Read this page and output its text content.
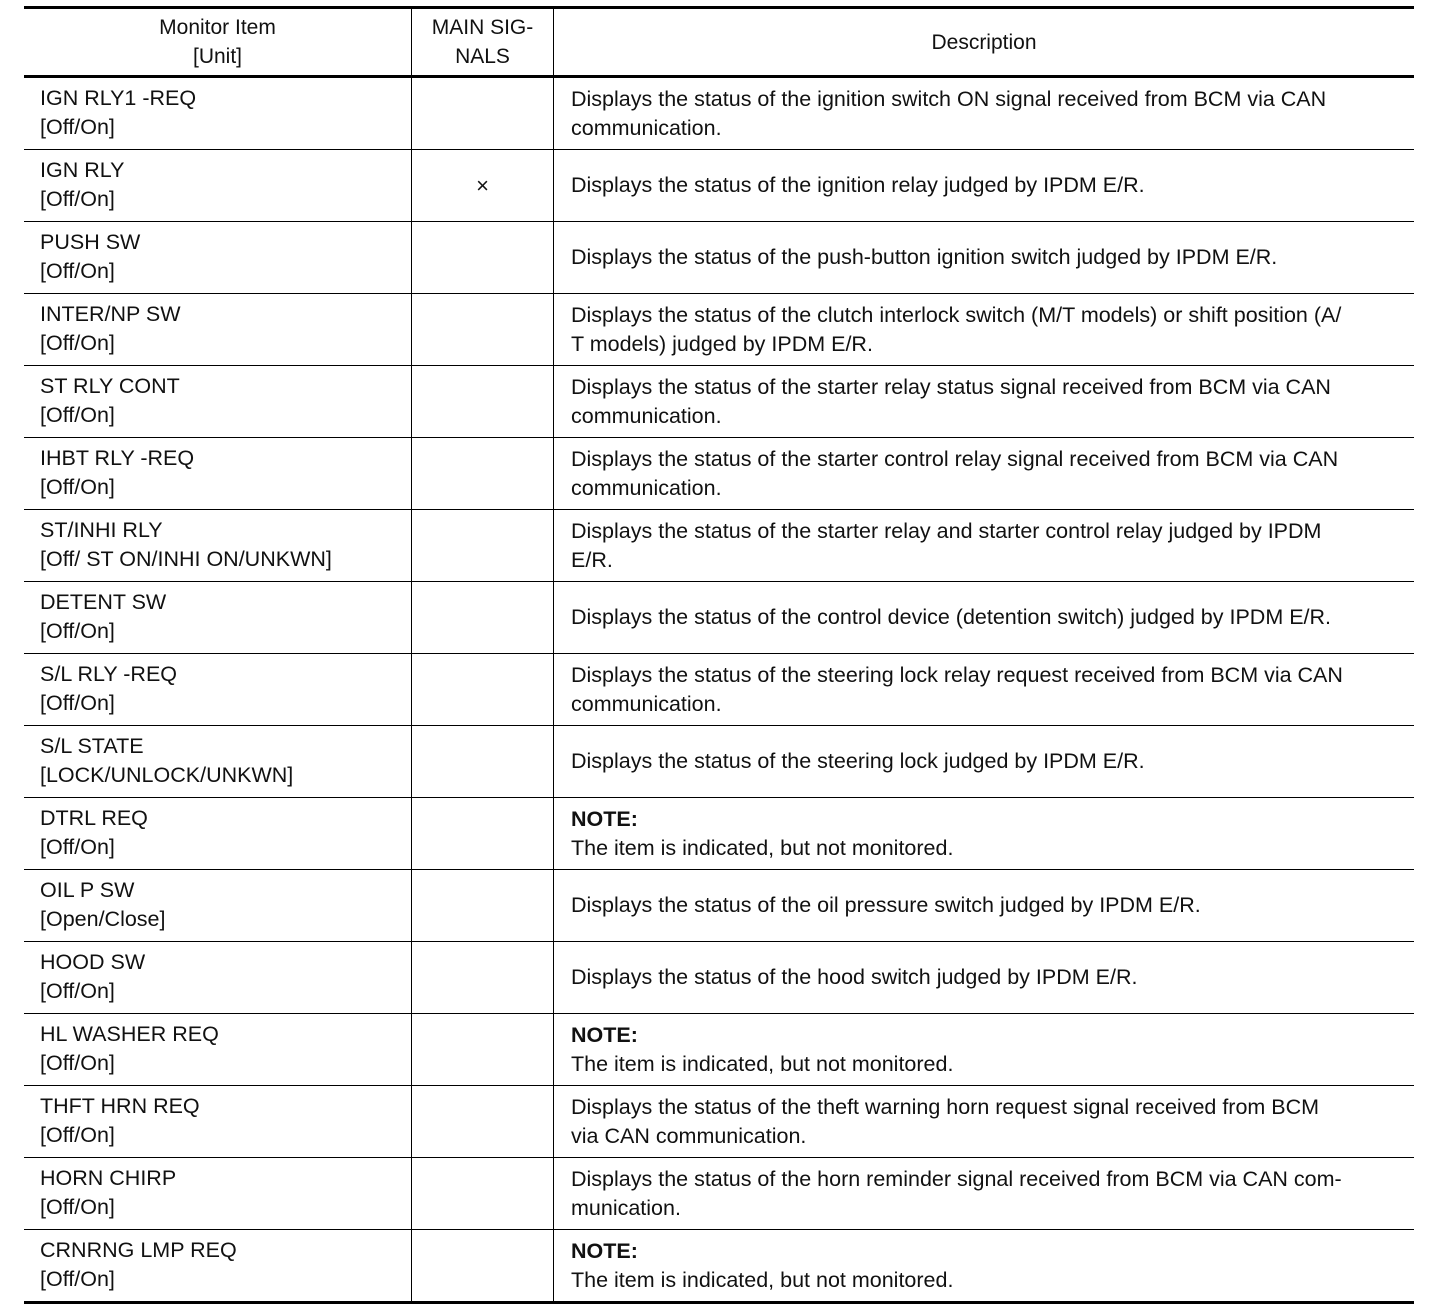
Monitor Item
[Unit]
MAIN SIG-
NALS
Description
IGN RLY1 -REQ
[Off/On]
Displays the status of the ignition switch ON signal received from BCM via CAN
communication.
IGN RLY
[Off/On]
×	Displays the status of the ignition relay judged by IPDM E/R.
PUSH SW
[Off/On]
Displays the status of the push-button ignition switch judged by IPDM E/R.
INTER/NP SW
[Off/On]
Displays the status of the clutch interlock switch (M/T models) or shift position (A/
T models) judged by IPDM E/R.
ST RLY CONT
[Off/On]
Displays the status of the starter relay status signal received from BCM via CAN
communication.
IHBT RLY -REQ
[Off/On]
Displays the status of the starter control relay signal received from BCM via CAN
communication.
ST/INHI RLY
[Off/ ST ON/INHI ON/UNKWN]
Displays the status of the starter relay and starter control relay judged by IPDM
E/R.
DETENT SW
[Off/On]
Displays the status of the control device (detention switch) judged by IPDM E/R.
S/L RLY -REQ
[Off/On]
Displays the status of the steering lock relay request received from BCM via CAN
communication.
S/L STATE
[LOCK/UNLOCK/UNKWN]
Displays the status of the steering lock judged by IPDM E/R.
DTRL REQ
[Off/On]
NOTE:
The item is indicated, but not monitored.
OIL P SW
[Open/Close]
Displays the status of the oil pressure switch judged by IPDM E/R.
HOOD SW
[Off/On]
Displays the status of the hood switch judged by IPDM E/R.
HL WASHER REQ
[Off/On]
NOTE:
The item is indicated, but not monitored.
THFT HRN REQ
[Off/On]
Displays the status of the theft warning horn request signal received from BCM
via CAN communication.
HORN CHIRP
[Off/On]
Displays the status of the horn reminder signal received from BCM via CAN com-
munication.
CRNRNG LMP REQ
[Off/On]
NOTE:
The item is indicated, but not monitored.
